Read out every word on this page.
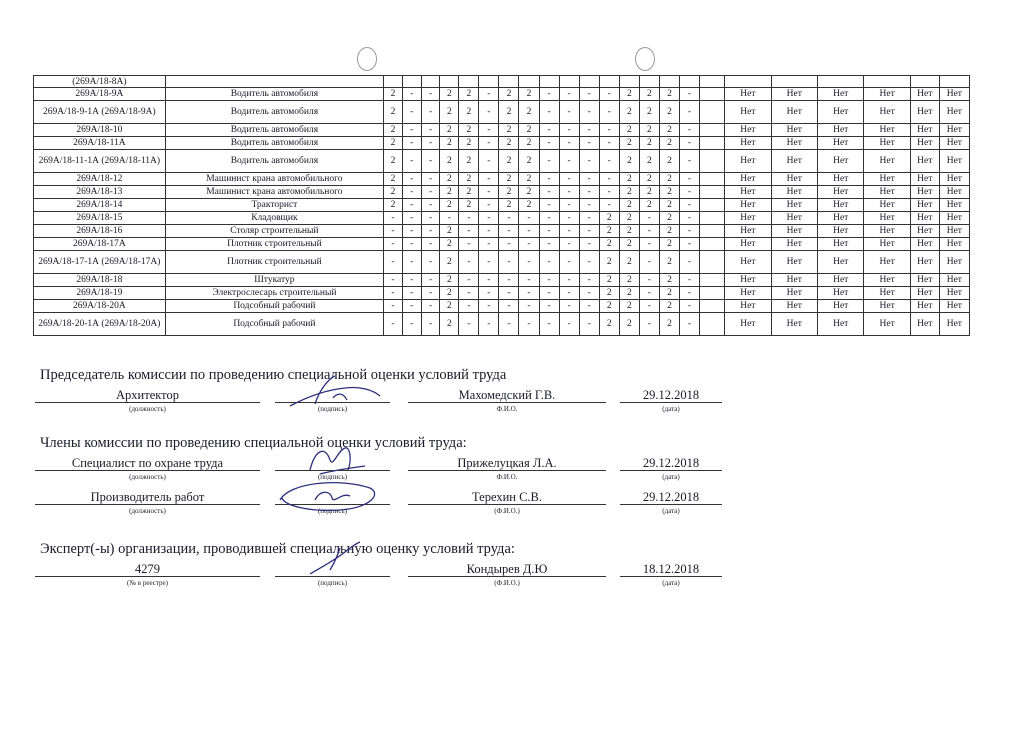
(269А/18-8А)																								
269А/18-9А	Водитель автомобиля	2	-	-	2	2	-	2	2	-	-	-	-	2	2	2	-		Нет	Нет	Нет	Нет	Нет	Нет
269А/18-9-1А (269А/18-9А)	Водитель автомобиля	2	-	-	2	2	-	2	2	-	-	-	-	2	2	2	-		Нет	Нет	Нет	Нет	Нет	Нет
269А/18-10	Водитель автомобиля	2	-	-	2	2	-	2	2	-	-	-	-	2	2	2	-		Нет	Нет	Нет	Нет	Нет	Нет
269А/18-11А	Водитель автомобиля	2	-	-	2	2	-	2	2	-	-	-	-	2	2	2	-		Нет	Нет	Нет	Нет	Нет	Нет
269А/18-11-1А (269А/18-11А)	Водитель автомобиля	2	-	-	2	2	-	2	2	-	-	-	-	2	2	2	-		Нет	Нет	Нет	Нет	Нет	Нет
269А/18-12	Машинист крана автомобильного	2	-	-	2	2	-	2	2	-	-	-	-	2	2	2	-		Нет	Нет	Нет	Нет	Нет	Нет
269А/18-13	Машинист крана автомобильного	2	-	-	2	2	-	2	2	-	-	-	-	2	2	2	-		Нет	Нет	Нет	Нет	Нет	Нет
269А/18-14	Тракторист	2	-	-	2	2	-	2	2	-	-	-	-	2	2	2	-		Нет	Нет	Нет	Нет	Нет	Нет
269А/18-15	Кладовщик	-	-	-	-	-	-	-	-	-	-	-	2	2	-	2	-		Нет	Нет	Нет	Нет	Нет	Нет
269А/18-16	Столяр строительный	-	-	-	2	-	-	-	-	-	-	-	2	2	-	2	-		Нет	Нет	Нет	Нет	Нет	Нет
269А/18-17А	Плотник строительный	-	-	-	2	-	-	-	-	-	-	-	2	2	-	2	-		Нет	Нет	Нет	Нет	Нет	Нет
269А/18-17-1А (269А/18-17А)	Плотник строительный	-	-	-	2	-	-	-	-	-	-	-	2	2	-	2	-		Нет	Нет	Нет	Нет	Нет	Нет
269А/18-18	Штукатур	-	-	-	2	-	-	-	-	-	-	-	2	2	-	2	-		Нет	Нет	Нет	Нет	Нет	Нет
269А/18-19	Электрослесарь строительный	-	-	-	2	-	-	-	-	-	-	-	2	2	-	2	-		Нет	Нет	Нет	Нет	Нет	Нет
269А/18-20А	Подсобный рабочий	-	-	-	2	-	-	-	-	-	-	-	2	2	-	2	-		Нет	Нет	Нет	Нет	Нет	Нет
269А/18-20-1А (269А/18-20А)	Подсобный рабочий	-	-	-	2	-	-	-	-	-	-	-	2	2	-	2	-		Нет	Нет	Нет	Нет	Нет	Нет
Председатель комиссии по проведению специальной оценки условий труда
Архитектор	Махомедский Г.В.	29.12.2018
(должность)	(подпись)	Ф.И.О.	(дата)
Члены комиссии по проведению специальной оценки условий труда:
Специалист по охране труда	Прижелуцкая Л.А.	29.12.2018
(должность)	(подпись)	Ф.И.О.	(дата)
Производитель работ	Терехин С.В.	29.12.2018
(должность)	(подпись)	(Ф.И.О.)	(дата)
Эксперт(-ы) организации, проводившей специальную оценку условий труда:
4279	Кондырев Д.Ю	18.12.2018
(№ в реестре)	(подпись)	(Ф.И.О.)	(дата)
